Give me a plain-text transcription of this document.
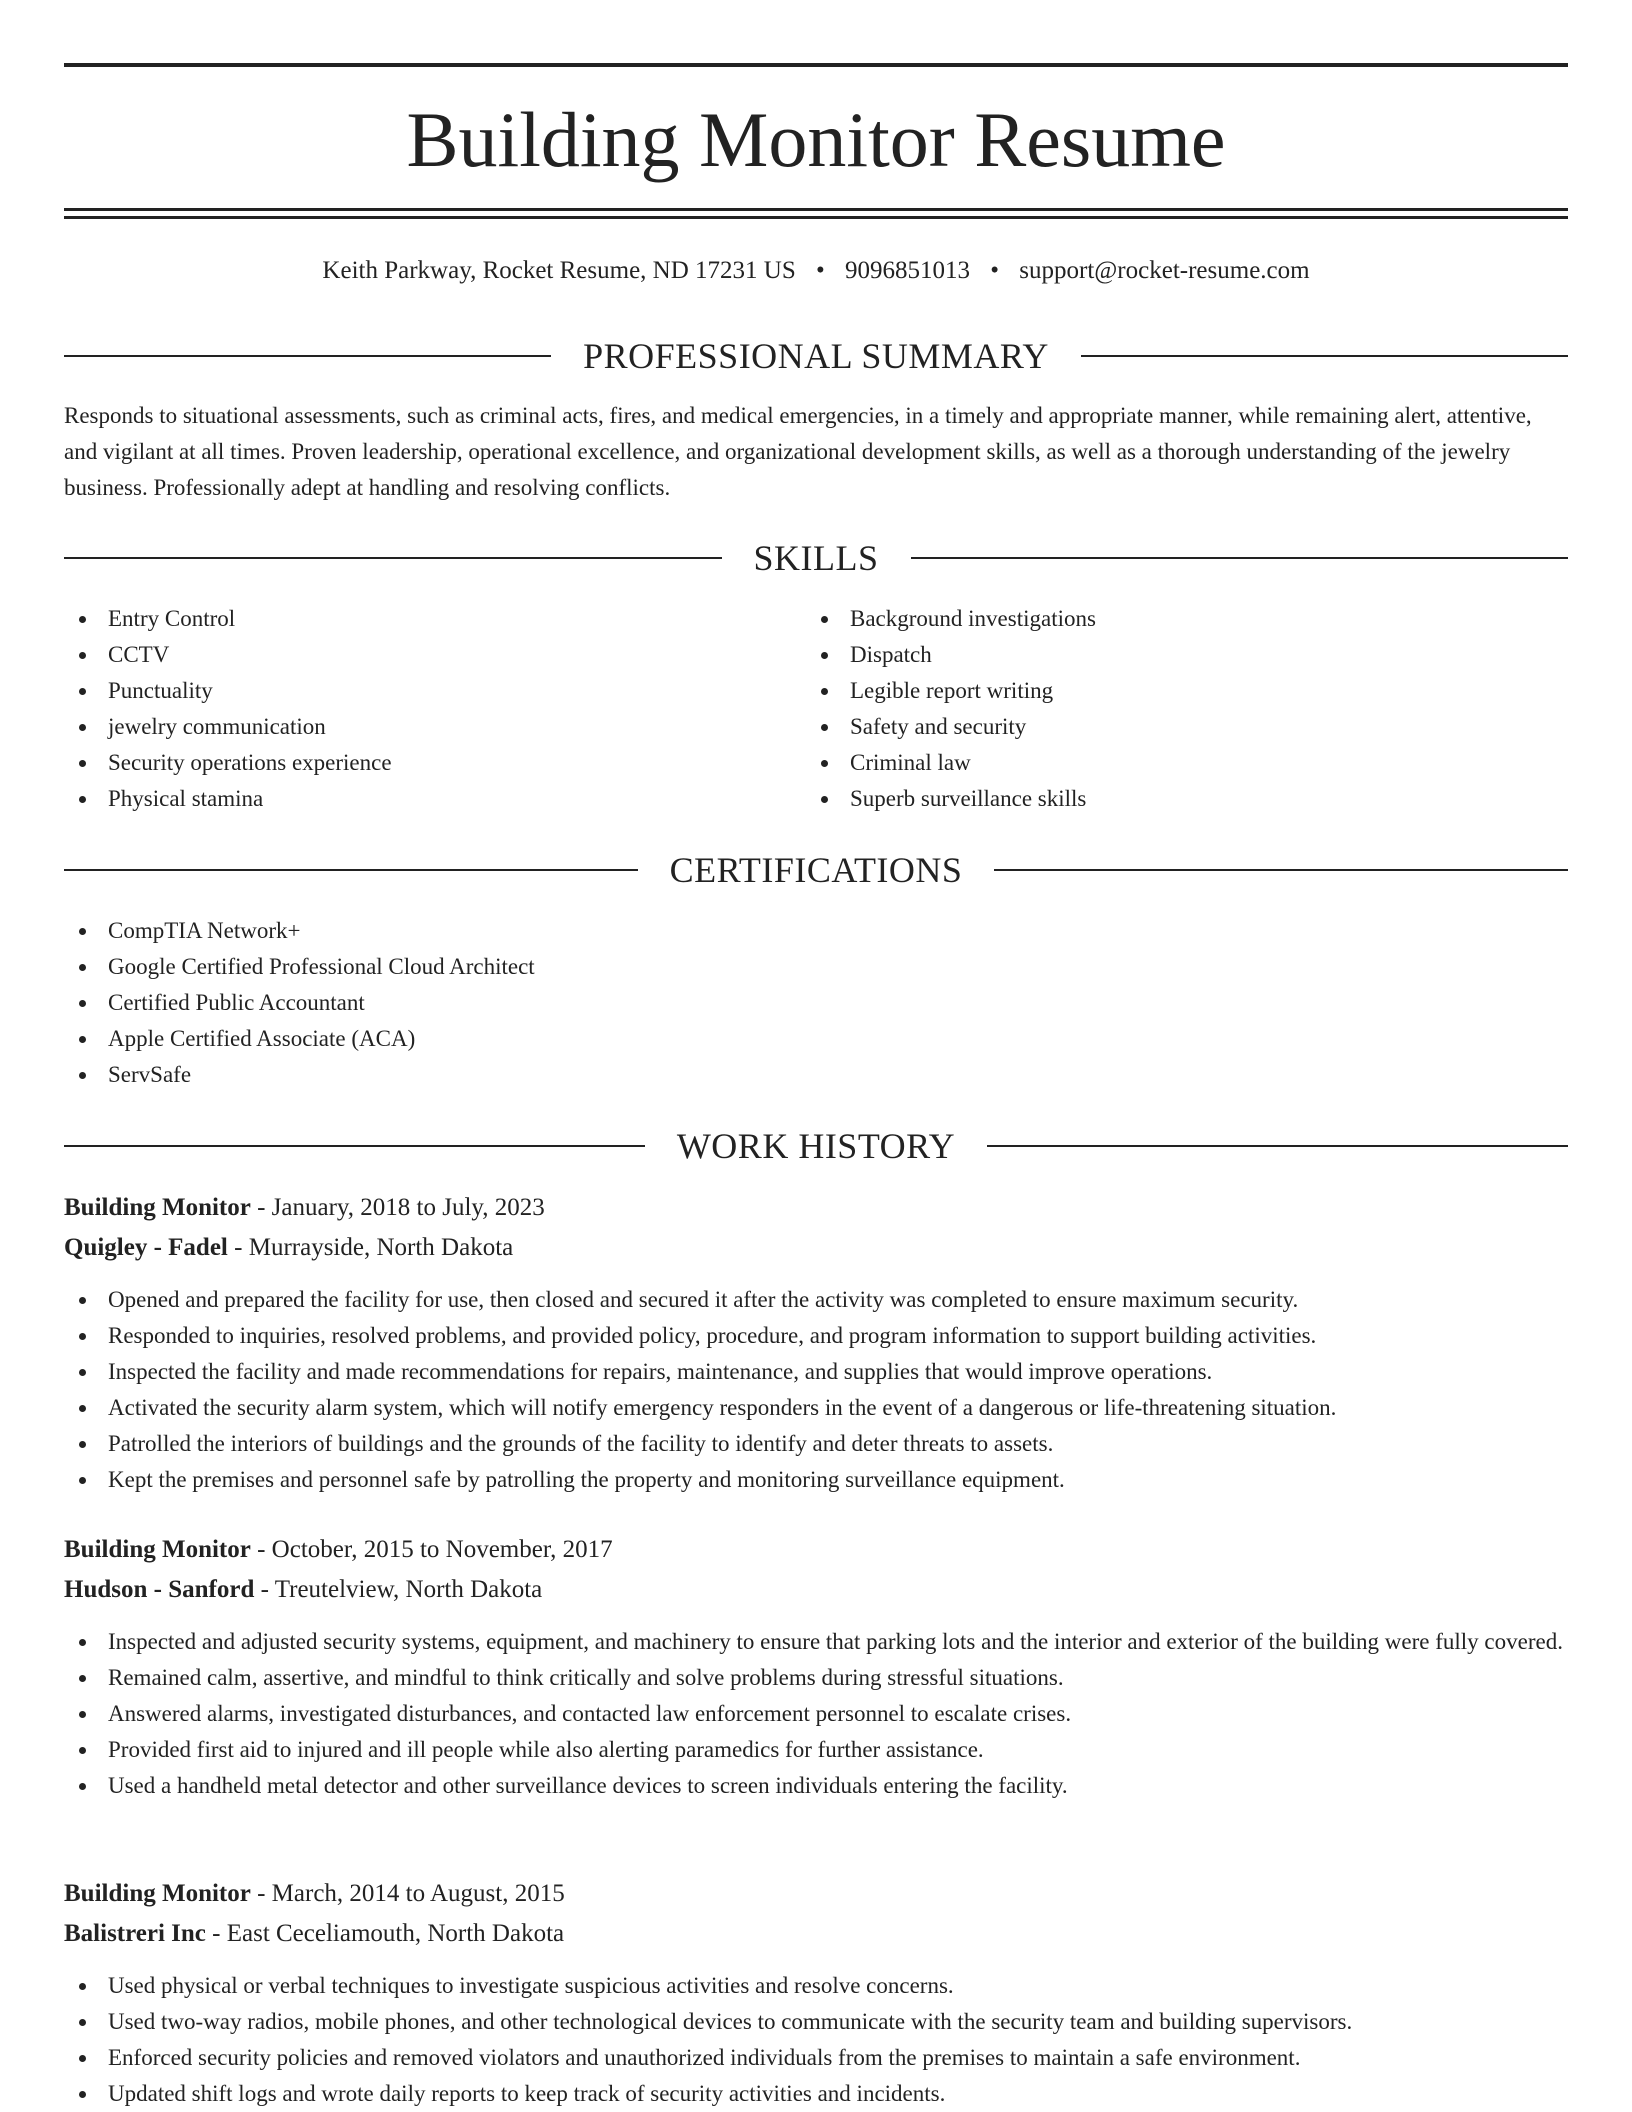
Building Monitor Resume
Keith Parkway, Rocket Resume, ND 17231 US • 9096851013 • support@rocket-resume.com
PROFESSIONAL SUMMARY

Responds to situational assessments, such as criminal acts, fires, and medical emergencies, in a timely and appropriate manner, while remaining alert, attentive, and vigilant at all times. Proven leadership, operational excellence, and organizational development skills, as well as a thorough understanding of the jewelry business. Professionally adept at handling and resolving conflicts.

SKILLS
Entry Control
CCTV
Punctuality
jewelry communication
Security operations experience
Physical stamina
Background investigations
Dispatch
Legible report writing
Safety and security
Criminal law
Superb surveillance skills
CERTIFICATIONS
CompTIA Network+
Google Certified Professional Cloud Architect
Certified Public Accountant
Apple Certified Associate (ACA)
ServSafe
WORK HISTORY
Building Monitor - January, 2018 to July, 2023
Quigley - Fadel - Murrayside, North Dakota
Opened and prepared the facility for use, then closed and secured it after the activity was completed to ensure maximum security.
Responded to inquiries, resolved problems, and provided policy, procedure, and program information to support building activities.
Inspected the facility and made recommendations for repairs, maintenance, and supplies that would improve operations.
Activated the security alarm system, which will notify emergency responders in the event of a dangerous or life-threatening situation.
Patrolled the interiors of buildings and the grounds of the facility to identify and deter threats to assets.
Kept the premises and personnel safe by patrolling the property and monitoring surveillance equipment.
Building Monitor - October, 2015 to November, 2017
Hudson - Sanford - Treutelview, North Dakota
Inspected and adjusted security systems, equipment, and machinery to ensure that parking lots and the interior and exterior of the building were fully covered.
Remained calm, assertive, and mindful to think critically and solve problems during stressful situations.
Answered alarms, investigated disturbances, and contacted law enforcement personnel to escalate crises.
Provided first aid to injured and ill people while also alerting paramedics for further assistance.
Used a handheld metal detector and other surveillance devices to screen individuals entering the facility.
Building Monitor - March, 2014 to August, 2015
Balistreri Inc - East Ceceliamouth, North Dakota
Used physical or verbal techniques to investigate suspicious activities and resolve concerns.
Used two-way radios, mobile phones, and other technological devices to communicate with the security team and building supervisors.
Enforced security policies and removed violators and unauthorized individuals from the premises to maintain a safe environment.
Updated shift logs and wrote daily reports to keep track of security activities and incidents.
